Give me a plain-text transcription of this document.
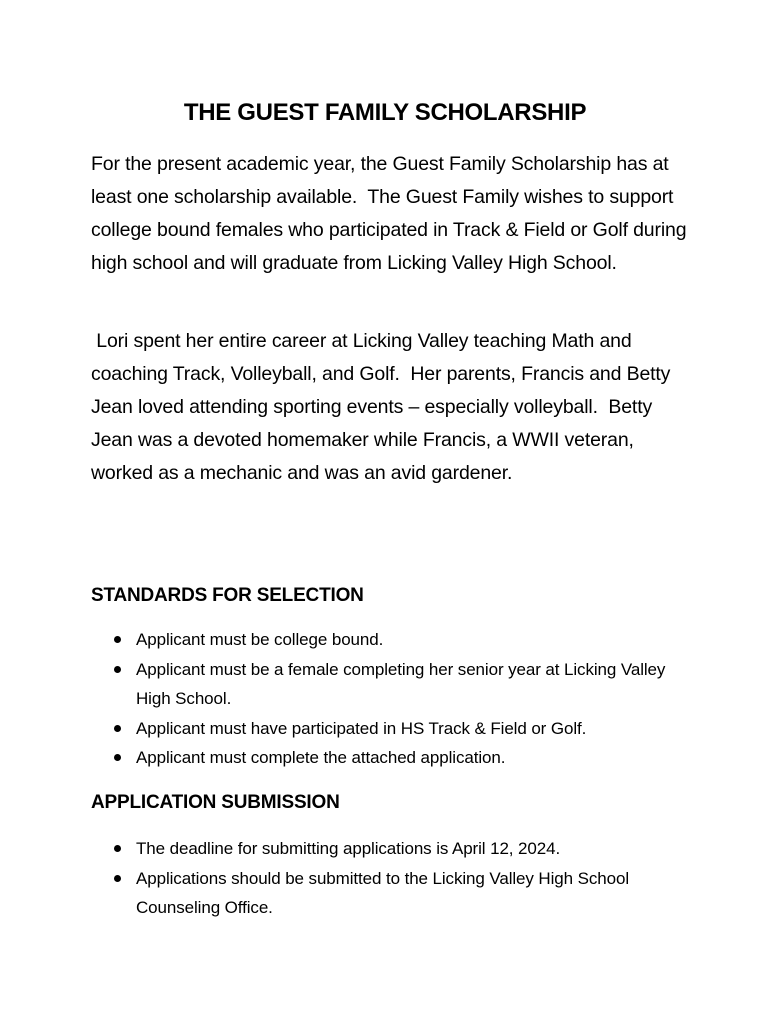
THE GUEST FAMILY SCHOLARSHIP

For the present academic year, the Guest Family Scholarship has at least one scholarship available.  The Guest Family wishes to support college bound females who participated in Track & Field or Golf during high school and will graduate from Licking Valley High School.

Lori spent her entire career at Licking Valley teaching Math and coaching Track, Volleyball, and Golf.  Her parents, Francis and Betty Jean loved attending sporting events – especially volleyball.  Betty Jean was a devoted homemaker while Francis, a WWII veteran, worked as a mechanic and was an avid gardener.

STANDARDS FOR SELECTION
Applicant must be college bound.
Applicant must be a female completing her senior year at Licking Valley High School.
Applicant must have participated in HS Track & Field or Golf.
Applicant must complete the attached application.
APPLICATION SUBMISSION
The deadline for submitting applications is April 12, 2024.
Applications should be submitted to the Licking Valley High School Counseling Office.
